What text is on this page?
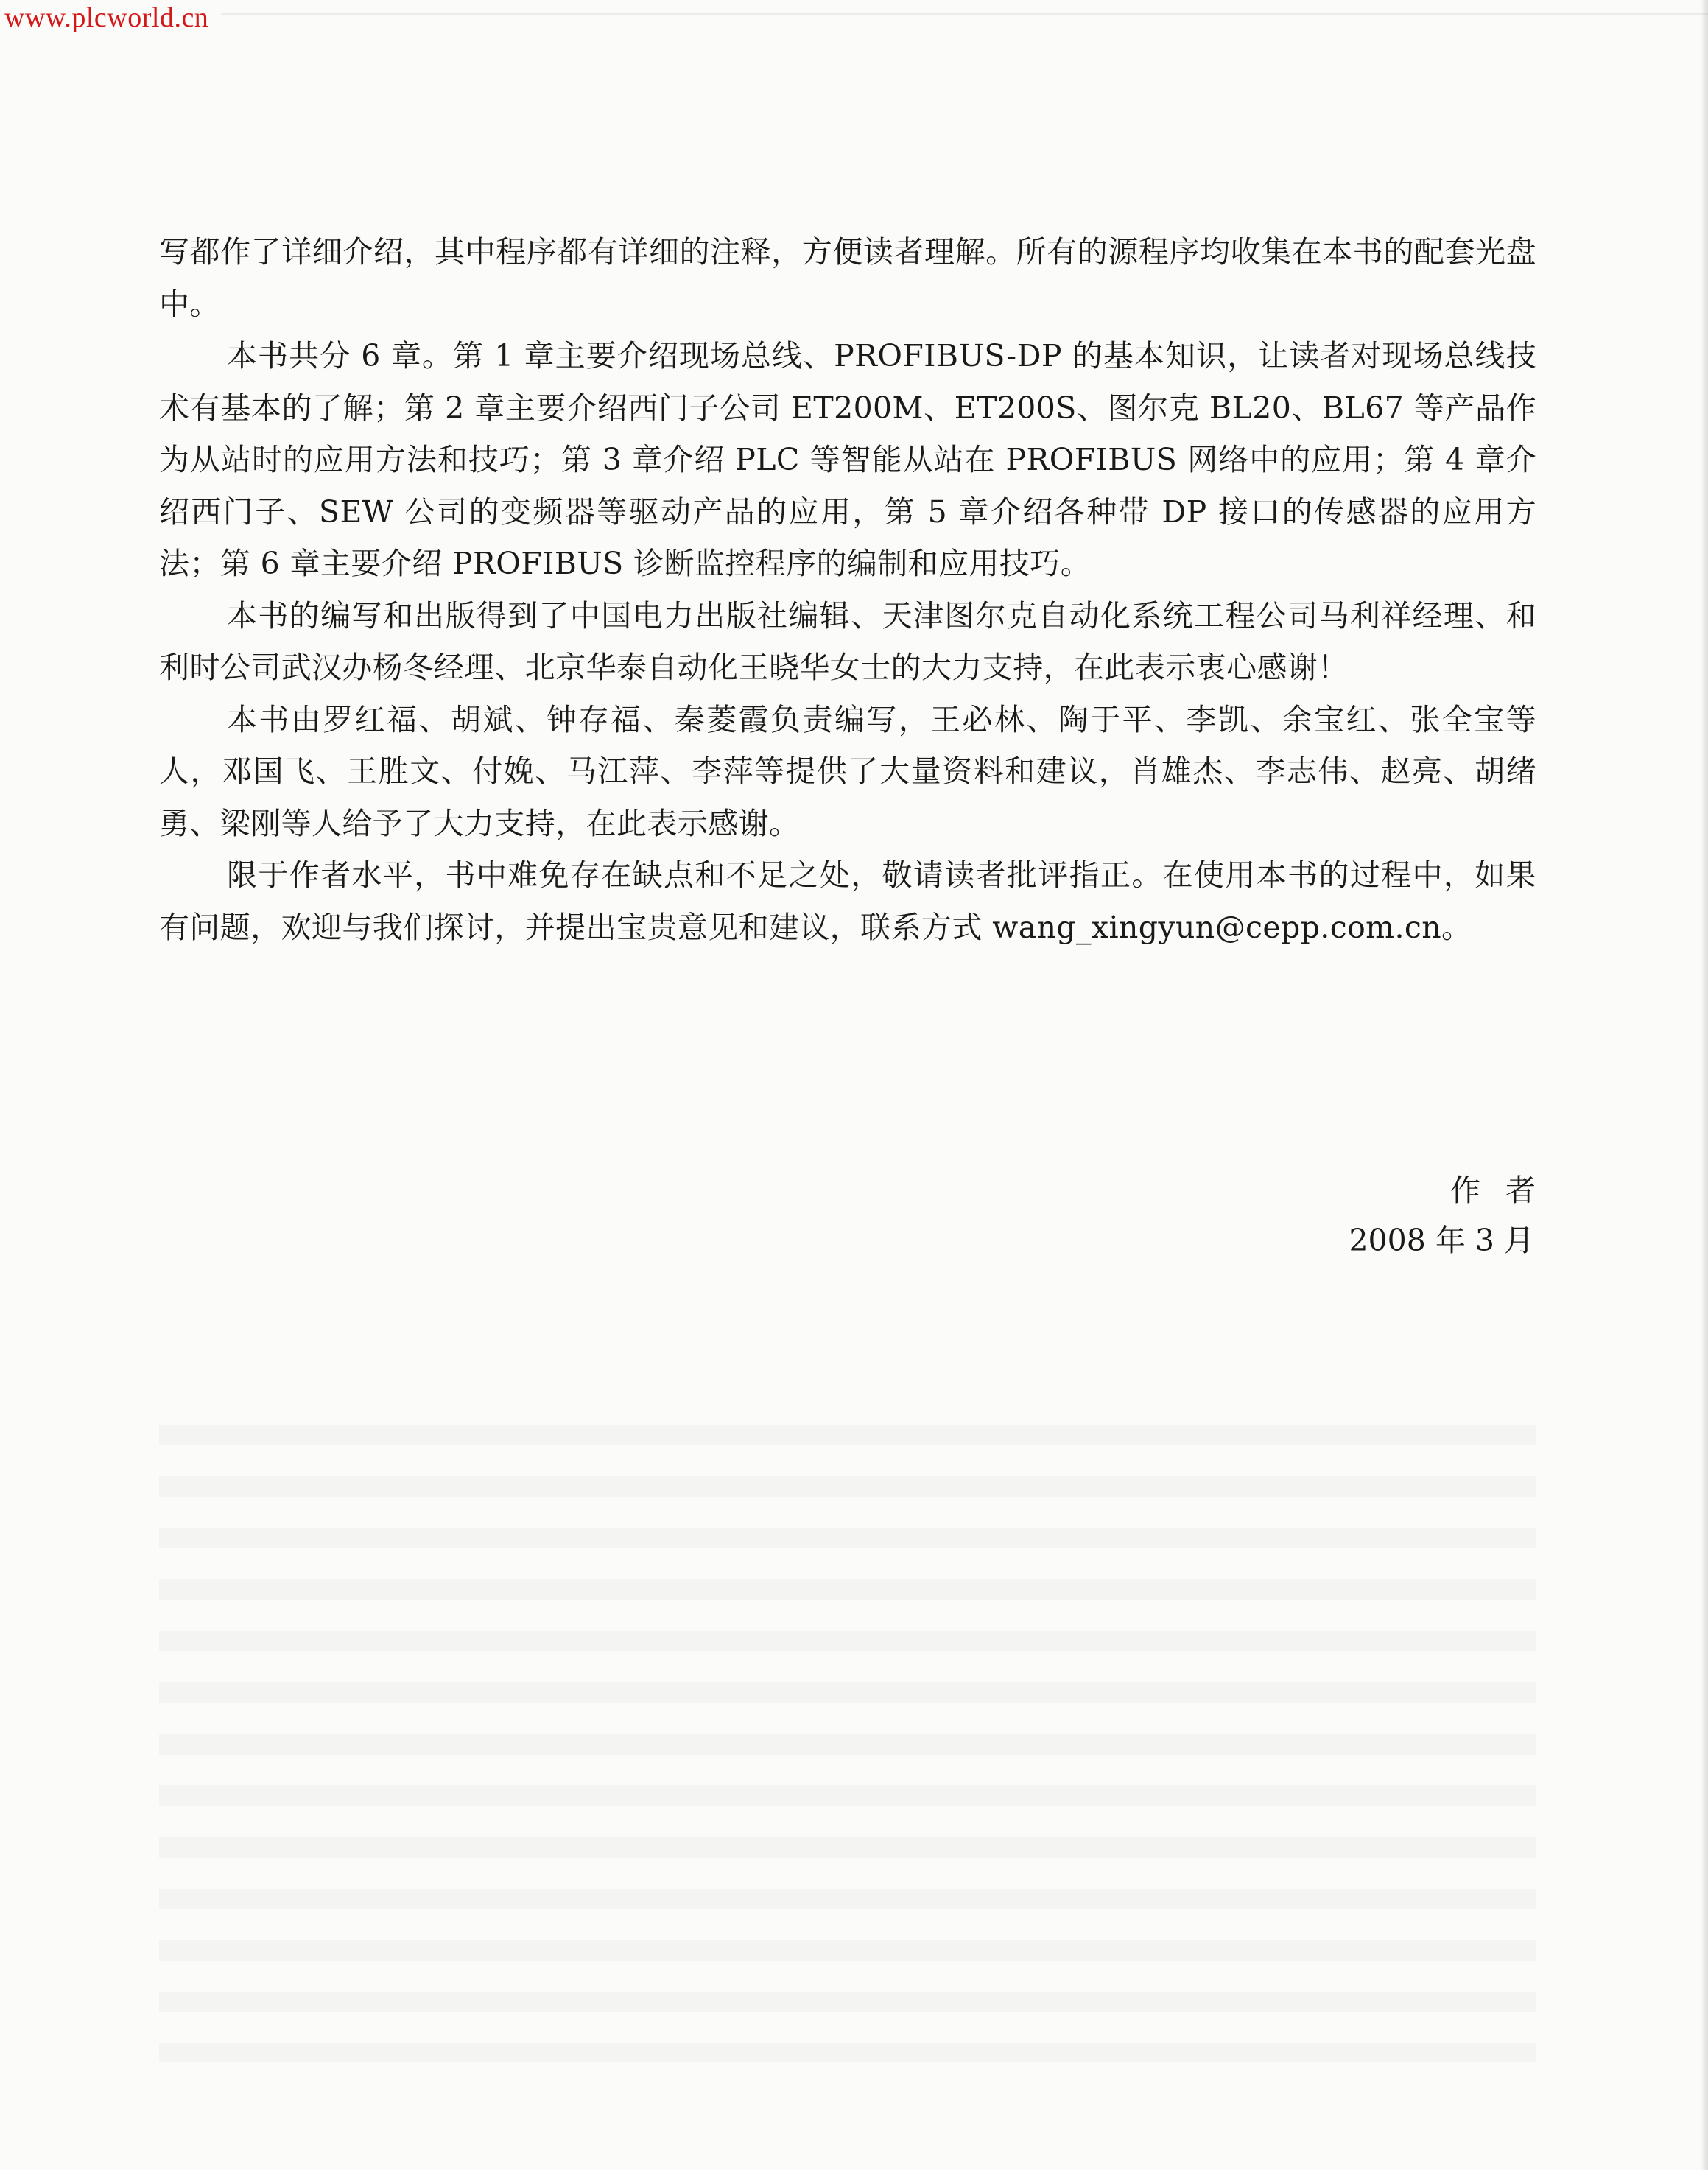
www.plcworld.cn

写都作了详细介绍，其中程序都有详细的注释，方便读者理解。所有的源程序均收集在本书的配套光盘中。

本书共分 6 章。第 1 章主要介绍现场总线、PROFIBUS-DP 的基本知识，让读者对现场总线技术有基本的了解；第 2 章主要介绍西门子公司 ET200M、ET200S、图尔克 BL20、BL67 等产品作为从站时的应用方法和技巧；第 3 章介绍 PLC 等智能从站在 PROFIBUS 网络中的应用；第 4 章介绍西门子、SEW 公司的变频器等驱动产品的应用，第 5 章介绍各种带 DP 接口的传感器的应用方法；第 6 章主要介绍 PROFIBUS 诊断监控程序的编制和应用技巧。

本书的编写和出版得到了中国电力出版社编辑、天津图尔克自动化系统工程公司马利祥经理、和利时公司武汉办杨冬经理、北京华泰自动化王晓华女士的大力支持，在此表示衷心感谢！

本书由罗红福、胡斌、钟存福、秦菱霞负责编写，王必林、陶于平、李凯、余宝红、张全宝等人，邓国飞、王胜文、付娩、马江萍、李萍等提供了大量资料和建议，肖雄杰、李志伟、赵亮、胡绪勇、梁刚等人给予了大力支持，在此表示感谢。

限于作者水平，书中难免存在缺点和不足之处，敬请读者批评指正。在使用本书的过程中，如果有问题，欢迎与我们探讨，并提出宝贵意见和建议，联系方式 wang_xingyun@cepp.com.cn。

作者
2008 年 3 月
